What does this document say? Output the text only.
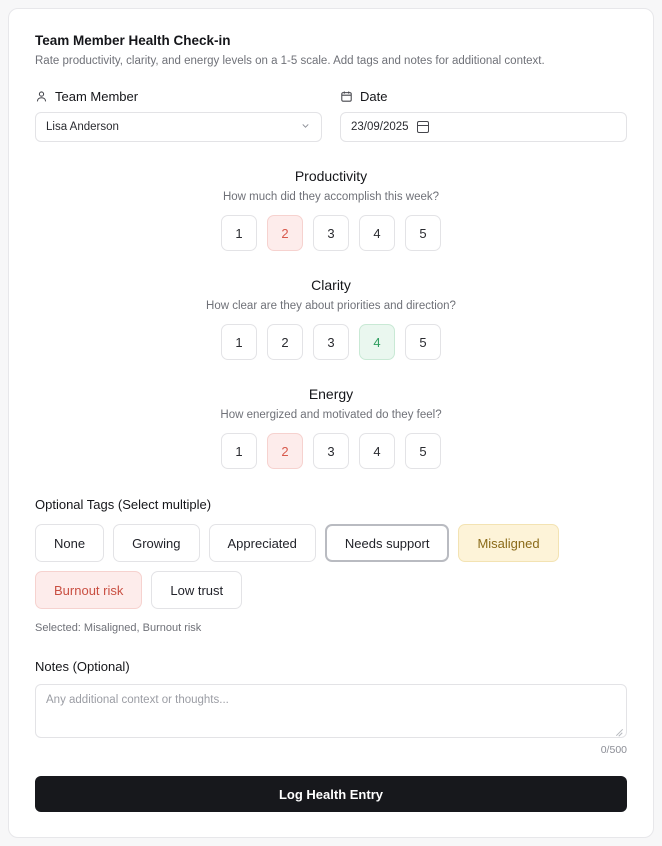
Team Member Health Check-in
Rate productivity, clarity, and energy levels on a 1-5 scale. Add tags and notes for additional context.
Team Member
Lisa Anderson
Date
23/09/2025
Productivity
How much did they accomplish this week?
1	2	3	4	5
Clarity
How clear are they about priorities and direction?
1	2	3	4	5
Energy
How energized and motivated do they feel?
1	2	3	4	5
Optional Tags (Select multiple)
None	Growing	Appreciated	Needs support	Misaligned
Burnout risk	Low trust
Selected: Misaligned, Burnout risk
Notes (Optional)
Any additional context or thoughts...
0/500
Log Health Entry
